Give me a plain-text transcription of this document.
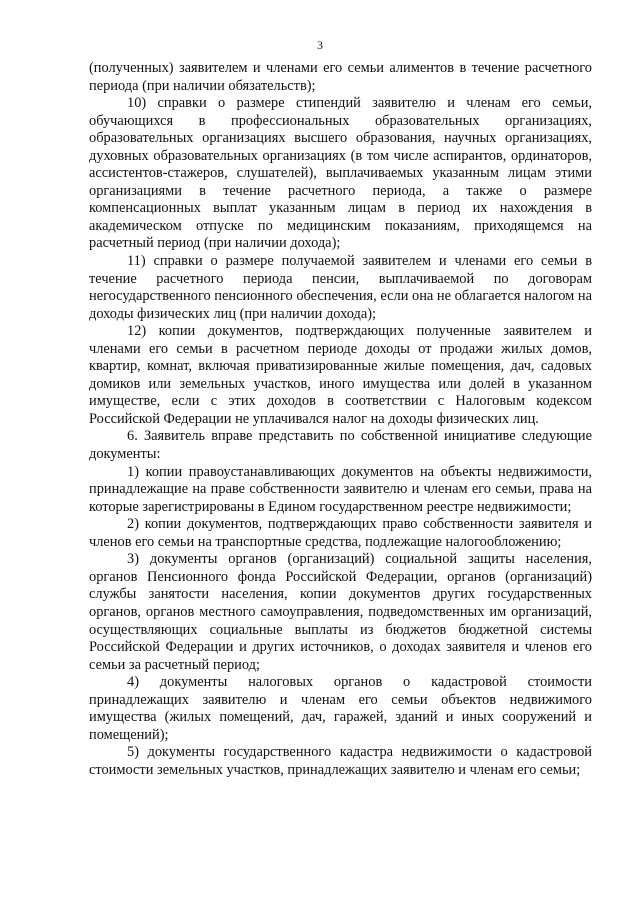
3

(полученных) заявителем и членами его семьи алиментов в течение расчетного периода (при наличии обязательств);

10) справки о размере стипендий заявителю и членам его семьи, обучающихся в профессиональных образовательных организациях, образовательных организациях высшего образования, научных организациях, духовных образовательных организациях (в том числе аспирантов, ординаторов, ассистентов-стажеров, слушателей), выплачиваемых указанным лицам этими организациями в течение расчетного периода, а также о размере компенсационных выплат указанным лицам в период их нахождения в академическом отпуске по медицинским показаниям, приходящемся на расчетный период (при наличии дохода);

11) справки о размере получаемой заявителем и членами его семьи в течение расчетного периода пенсии, выплачиваемой по договорам негосударственного пенсионного обеспечения, если она не облагается налогом на доходы физических лиц (при наличии дохода);

12) копии документов, подтверждающих полученные заявителем и членами его семьи в расчетном периоде доходы от продажи жилых домов, квартир, комнат, включая приватизированные жилые помещения, дач, садовых домиков или земельных участков, иного имущества или долей в указанном имуществе, если с этих доходов в соответствии с Налоговым кодексом Российской Федерации не уплачивался налог на доходы физических лиц.

6. Заявитель вправе представить по собственной инициативе следующие документы:

1) копии правоустанавливающих документов на объекты недвижимости, принадлежащие на праве собственности заявителю и членам его семьи, права на которые зарегистрированы в Едином государственном реестре недвижимости;

2) копии документов, подтверждающих право собственности заявителя и членов его семьи на транспортные средства, подлежащие налогообложению;

3) документы органов (организаций) социальной защиты населения, органов Пенсионного фонда Российской Федерации, органов (организаций) службы занятости населения, копии документов других государственных органов, органов местного самоуправления, подведомственных им организаций, осуществляющих социальные выплаты из бюджетов бюджетной системы Российской Федерации и других источников, о доходах заявителя и членов его семьи за расчетный период;

4) документы налоговых органов о кадастровой стоимости принадлежащих заявителю и членам его семьи объектов недвижимого имущества (жилых помещений, дач, гаражей, зданий и иных сооружений и помещений);

5) документы государственного кадастра недвижимости о кадастровой стоимости земельных участков, принадлежащих заявителю и членам его семьи;
